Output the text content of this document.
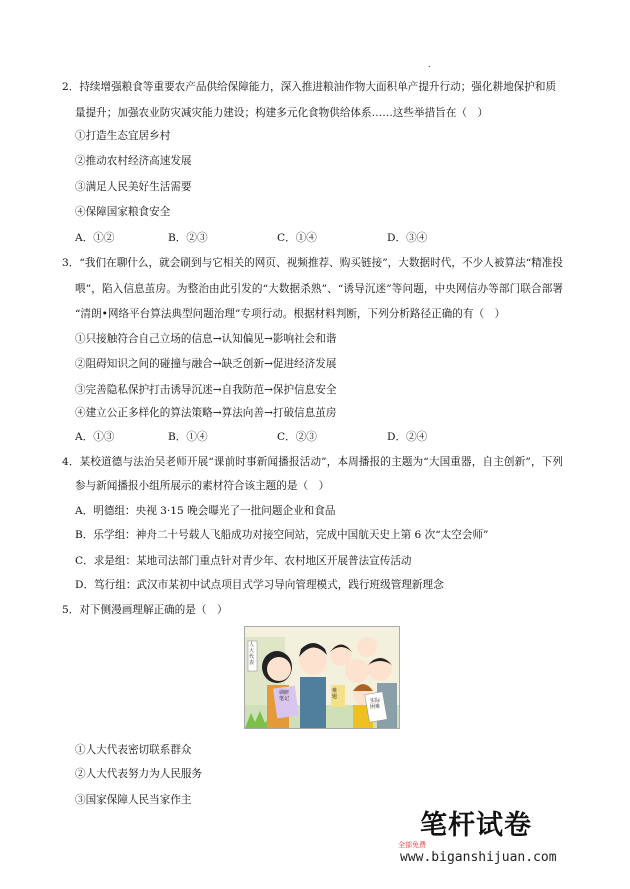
.
2．持续增强粮食等重要农产品供给保障能力，深入推进粮油作物大面积单产提升行动；强化耕地保护和质
量提升；加强农业防灾减灾能力建设；构建多元化食物供给体系……这些举措旨在（　）
①打造生态宜居乡村
②推动农村经济高速发展
③满足人民美好生活需要
④保障国家粮食安全
A．①②	B．②③	C．①④	D．③④
3．“我们在聊什么，就会刷到与它相关的网页、视频推荐、购买链接”，大数据时代，不少人被算法“精准投
喂”，陷入信息茧房。为整治由此引发的“大数据杀熟”、“诱导沉迷”等问题，中央网信办等部门联合部署
“清朗•网络平台算法典型问题治理”专项行动。根据材料判断，下列分析路径正确的有（　）
①只接触符合自己立场的信息→认知偏见→影响社会和谐
②阻碍知识之间的碰撞与融合→缺乏创新→促进经济发展
③完善隐私保护打击诱导沉迷→自我防范→保护信息安全
④建立公正多样化的算法策略→算法向善→打破信息茧房
A．①③	B．①④	C．②③	D．②④
4．某校道德与法治吴老师开展“课前时事新闻播报活动”，本周播报的主题为“大国重器，自主创新”，下列
参与新闻播报小组所展示的素材符合该主题的是（　）
A．明德组：央视 3·15 晚会曝光了一批问题企业和食品
B．乐学组：神舟二十号载人飞船成功对接空间站，完成中国航天史上第 6 次“太空会师”
C．求是组：某地司法部门重点针对青少年、农村地区开展普法宣传活动
D．笃行组：武汉市某初中试点项目式学习导向管理模式，践行班级管理新理念
5．对下侧漫画理解正确的是（　）
人大代表
调研笔记
难题
实际困难
①人大代表密切联系群众
②人大代表努力为人民服务
③国家保障人民当家作主
笔杆试卷
全部免费
www.biganshijuan.com
